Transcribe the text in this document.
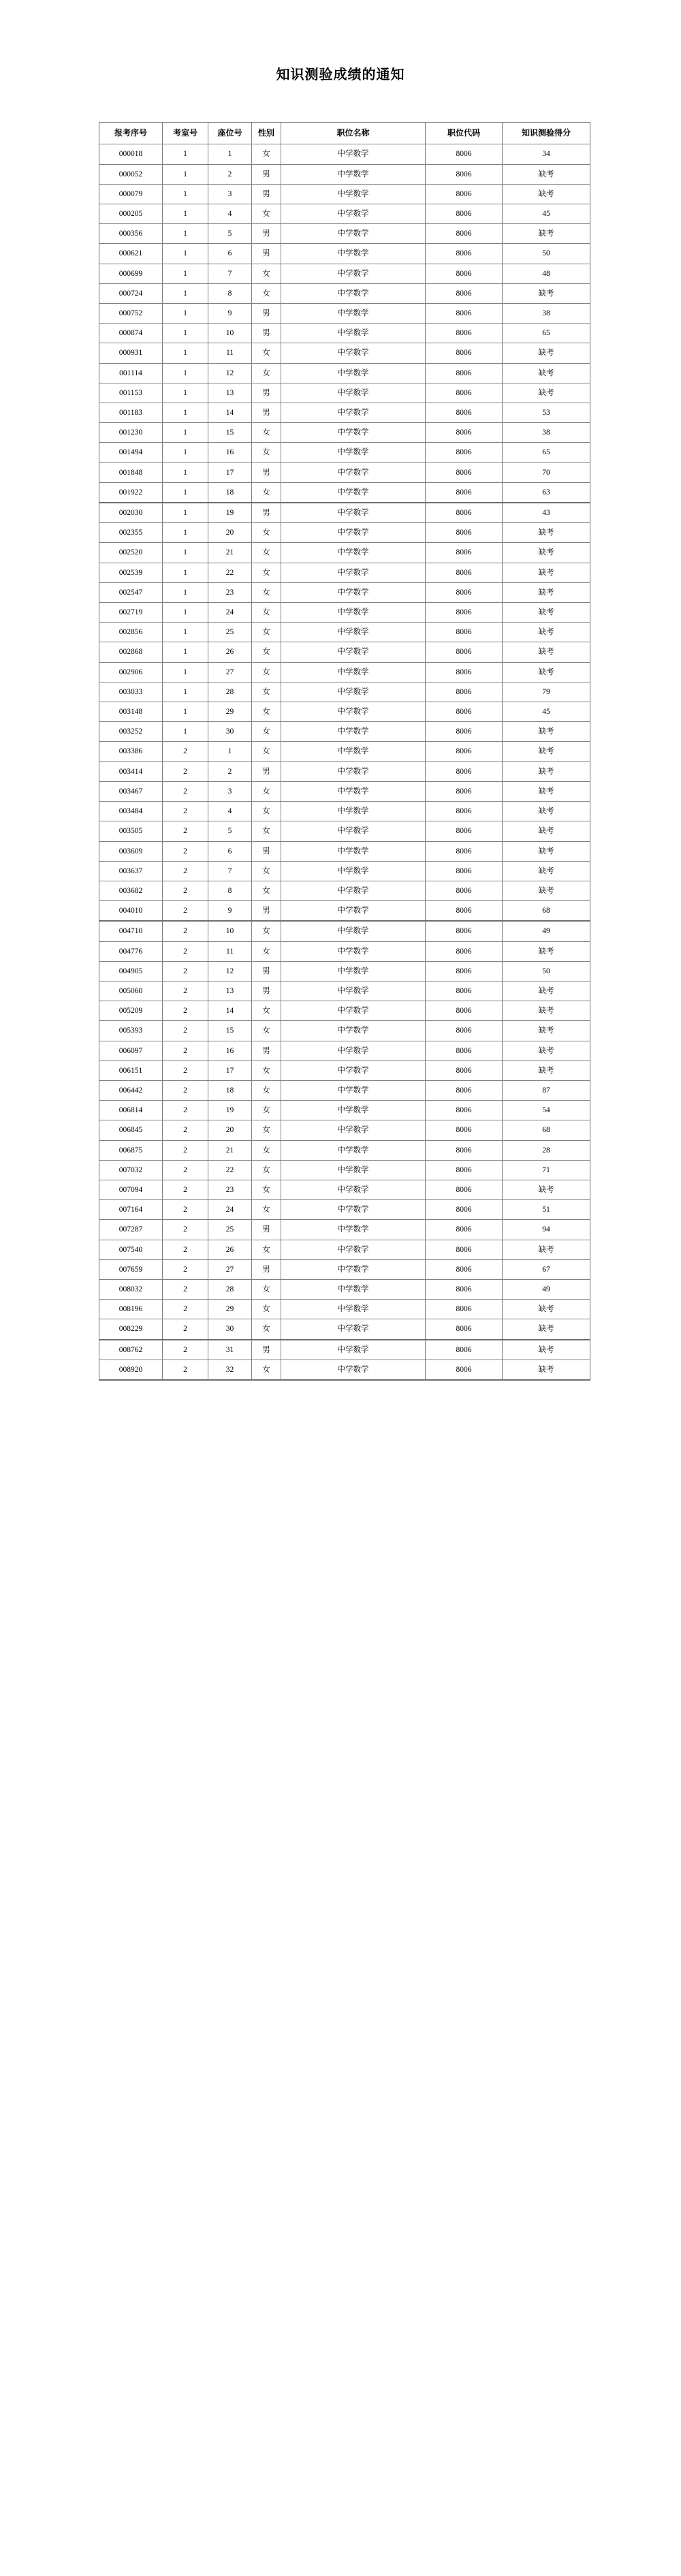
知识测验成绩的通知
报考序号	考室号	座位号	性别	职位名称	职位代码	知识测验得分
000018	1	1	女	中学数学	8006	34
000052	1	2	男	中学数学	8006	缺考
000079	1	3	男	中学数学	8006	缺考
000205	1	4	女	中学数学	8006	45
000356	1	5	男	中学数学	8006	缺考
000621	1	6	男	中学数学	8006	50
000699	1	7	女	中学数学	8006	48
000724	1	8	女	中学数学	8006	缺考
000752	1	9	男	中学数学	8006	38
000874	1	10	男	中学数学	8006	65
000931	1	11	女	中学数学	8006	缺考
001114	1	12	女	中学数学	8006	缺考
001153	1	13	男	中学数学	8006	缺考
001183	1	14	男	中学数学	8006	53
001230	1	15	女	中学数学	8006	38
001494	1	16	女	中学数学	8006	65
001848	1	17	男	中学数学	8006	70
001922	1	18	女	中学数学	8006	63
002030	1	19	男	中学数学	8006	43
002355	1	20	女	中学数学	8006	缺考
002520	1	21	女	中学数学	8006	缺考
002539	1	22	女	中学数学	8006	缺考
002547	1	23	女	中学数学	8006	缺考
002719	1	24	女	中学数学	8006	缺考
002856	1	25	女	中学数学	8006	缺考
002868	1	26	女	中学数学	8006	缺考
002906	1	27	女	中学数学	8006	缺考
003033	1	28	女	中学数学	8006	79
003148	1	29	女	中学数学	8006	45
003252	1	30	女	中学数学	8006	缺考
003386	2	1	女	中学数学	8006	缺考
003414	2	2	男	中学数学	8006	缺考
003467	2	3	女	中学数学	8006	缺考
003484	2	4	女	中学数学	8006	缺考
003505	2	5	女	中学数学	8006	缺考
003609	2	6	男	中学数学	8006	缺考
003637	2	7	女	中学数学	8006	缺考
003682	2	8	女	中学数学	8006	缺考
004010	2	9	男	中学数学	8006	68
004710	2	10	女	中学数学	8006	49
004776	2	11	女	中学数学	8006	缺考
004905	2	12	男	中学数学	8006	50
005060	2	13	男	中学数学	8006	缺考
005209	2	14	女	中学数学	8006	缺考
005393	2	15	女	中学数学	8006	缺考
006097	2	16	男	中学数学	8006	缺考
006151	2	17	女	中学数学	8006	缺考
006442	2	18	女	中学数学	8006	87
006814	2	19	女	中学数学	8006	54
006845	2	20	女	中学数学	8006	68
006875	2	21	女	中学数学	8006	28
007032	2	22	女	中学数学	8006	71
007094	2	23	女	中学数学	8006	缺考
007164	2	24	女	中学数学	8006	51
007287	2	25	男	中学数学	8006	94
007540	2	26	女	中学数学	8006	缺考
007659	2	27	男	中学数学	8006	67
008032	2	28	女	中学数学	8006	49
008196	2	29	女	中学数学	8006	缺考
008229	2	30	女	中学数学	8006	缺考
008762	2	31	男	中学数学	8006	缺考
008920	2	32	女	中学数学	8006	缺考
